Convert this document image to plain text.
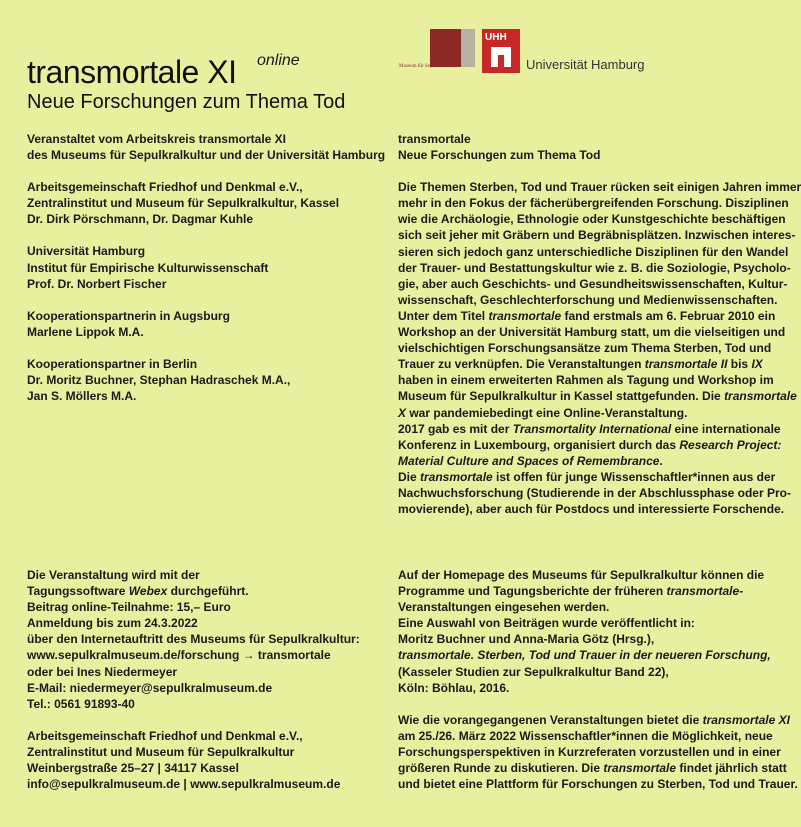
transmortale XI online
Neue Forschungen zum Thema Tod
Museum für Sepulkralkultur
UHH
Universität Hamburg

Veranstaltet vom Arbeitskreis transmortale XI
des Museums für Sepulkralkultur und der Universität Hamburg

Arbeitsgemeinschaft Friedhof und Denkmal e.V.,
Zentralinstitut und Museum für Sepulkralkultur, Kassel
Dr. Dirk Pörschmann, Dr. Dagmar Kuhle

Universität Hamburg
Institut für Empirische Kulturwissenschaft
Prof. Dr. Norbert Fischer

Kooperationspartnerin in Augsburg
Marlene Lippok M.A.

Kooperationspartner in Berlin
Dr. Moritz Buchner, Stephan Hadraschek M.A.,
Jan S. Möllers M.A.

Die Veranstaltung wird mit der
Tagungssoftware Webex durchgeführt.
Beitrag online-Teilnahme: 15,– Euro
Anmeldung bis zum 24.3.2022
über den Internetauftritt des Museums für Sepulkralkultur:
www.sepulkralmuseum.de/forschung → transmortale
oder bei Ines Niedermeyer
E-Mail: niedermeyer@sepulkralmuseum.de
Tel.: 0561 91893-40

Arbeitsgemeinschaft Friedhof und Denkmal e.V.,
Zentralinstitut und Museum für Sepulkralkultur
Weinbergstraße 25–27 | 34117 Kassel
info@sepulkralmuseum.de | www.sepulkralmuseum.de

transmortale
Neue Forschungen zum Thema Tod

Die Themen Sterben, Tod und Trauer rücken seit einigen Jahren immer
mehr in den Fokus der fächerübergreifenden Forschung. Disziplinen
wie die Archäologie, Ethnologie oder Kunstgeschichte beschäftigen
sich seit jeher mit Gräbern und Begräbnisplätzen. Inzwischen interes-
sieren sich jedoch ganz unterschiedliche Disziplinen für den Wandel
der Trauer- und Bestattungskultur wie z. B. die Soziologie, Psycholo-
gie, aber auch Geschichts- und Gesundheitswissenschaften, Kultur-
wissenschaft, Geschlechterforschung und Medienwissenschaften.
Unter dem Titel transmortale fand erstmals am 6. Februar 2010 ein
Workshop an der Universität Hamburg statt, um die vielseitigen und
vielschichtigen Forschungsansätze zum Thema Sterben, Tod und
Trauer zu verknüpfen. Die Veranstaltungen transmortale II bis IX
haben in einem erweiterten Rahmen als Tagung und Workshop im
Museum für Sepulkralkultur in Kassel stattgefunden. Die transmortale
X war pandemiebedingt eine Online-Veranstaltung.
2017 gab es mit der Transmortality International eine internationale
Konferenz in Luxembourg, organisiert durch das Research Project:
Material Culture and Spaces of Remembrance.
Die transmortale ist offen für junge Wissenschaftler*innen aus der
Nachwuchsforschung (Studierende in der Abschlussphase oder Pro-
movierende), aber auch für Postdocs und interessierte Forschende.

Auf der Homepage des Museums für Sepulkralkultur können die
Programme und Tagungsberichte der früheren transmortale-
Veranstaltungen eingesehen werden.
Eine Auswahl von Beiträgen wurde veröffentlicht in:
Moritz Buchner und Anna-Maria Götz (Hrsg.),
transmortale. Sterben, Tod und Trauer in der neueren Forschung,
(Kasseler Studien zur Sepulkralkultur Band 22),
Köln: Böhlau, 2016.

Wie die vorangegangenen Veranstaltungen bietet die transmortale XI
am 25./26. März 2022 Wissenschaftler*innen die Möglichkeit, neue
Forschungsperspektiven in Kurzreferaten vorzustellen und in einer
größeren Runde zu diskutieren. Die transmortale findet jährlich statt
und bietet eine Plattform für Forschungen zu Sterben, Tod und Trauer.
